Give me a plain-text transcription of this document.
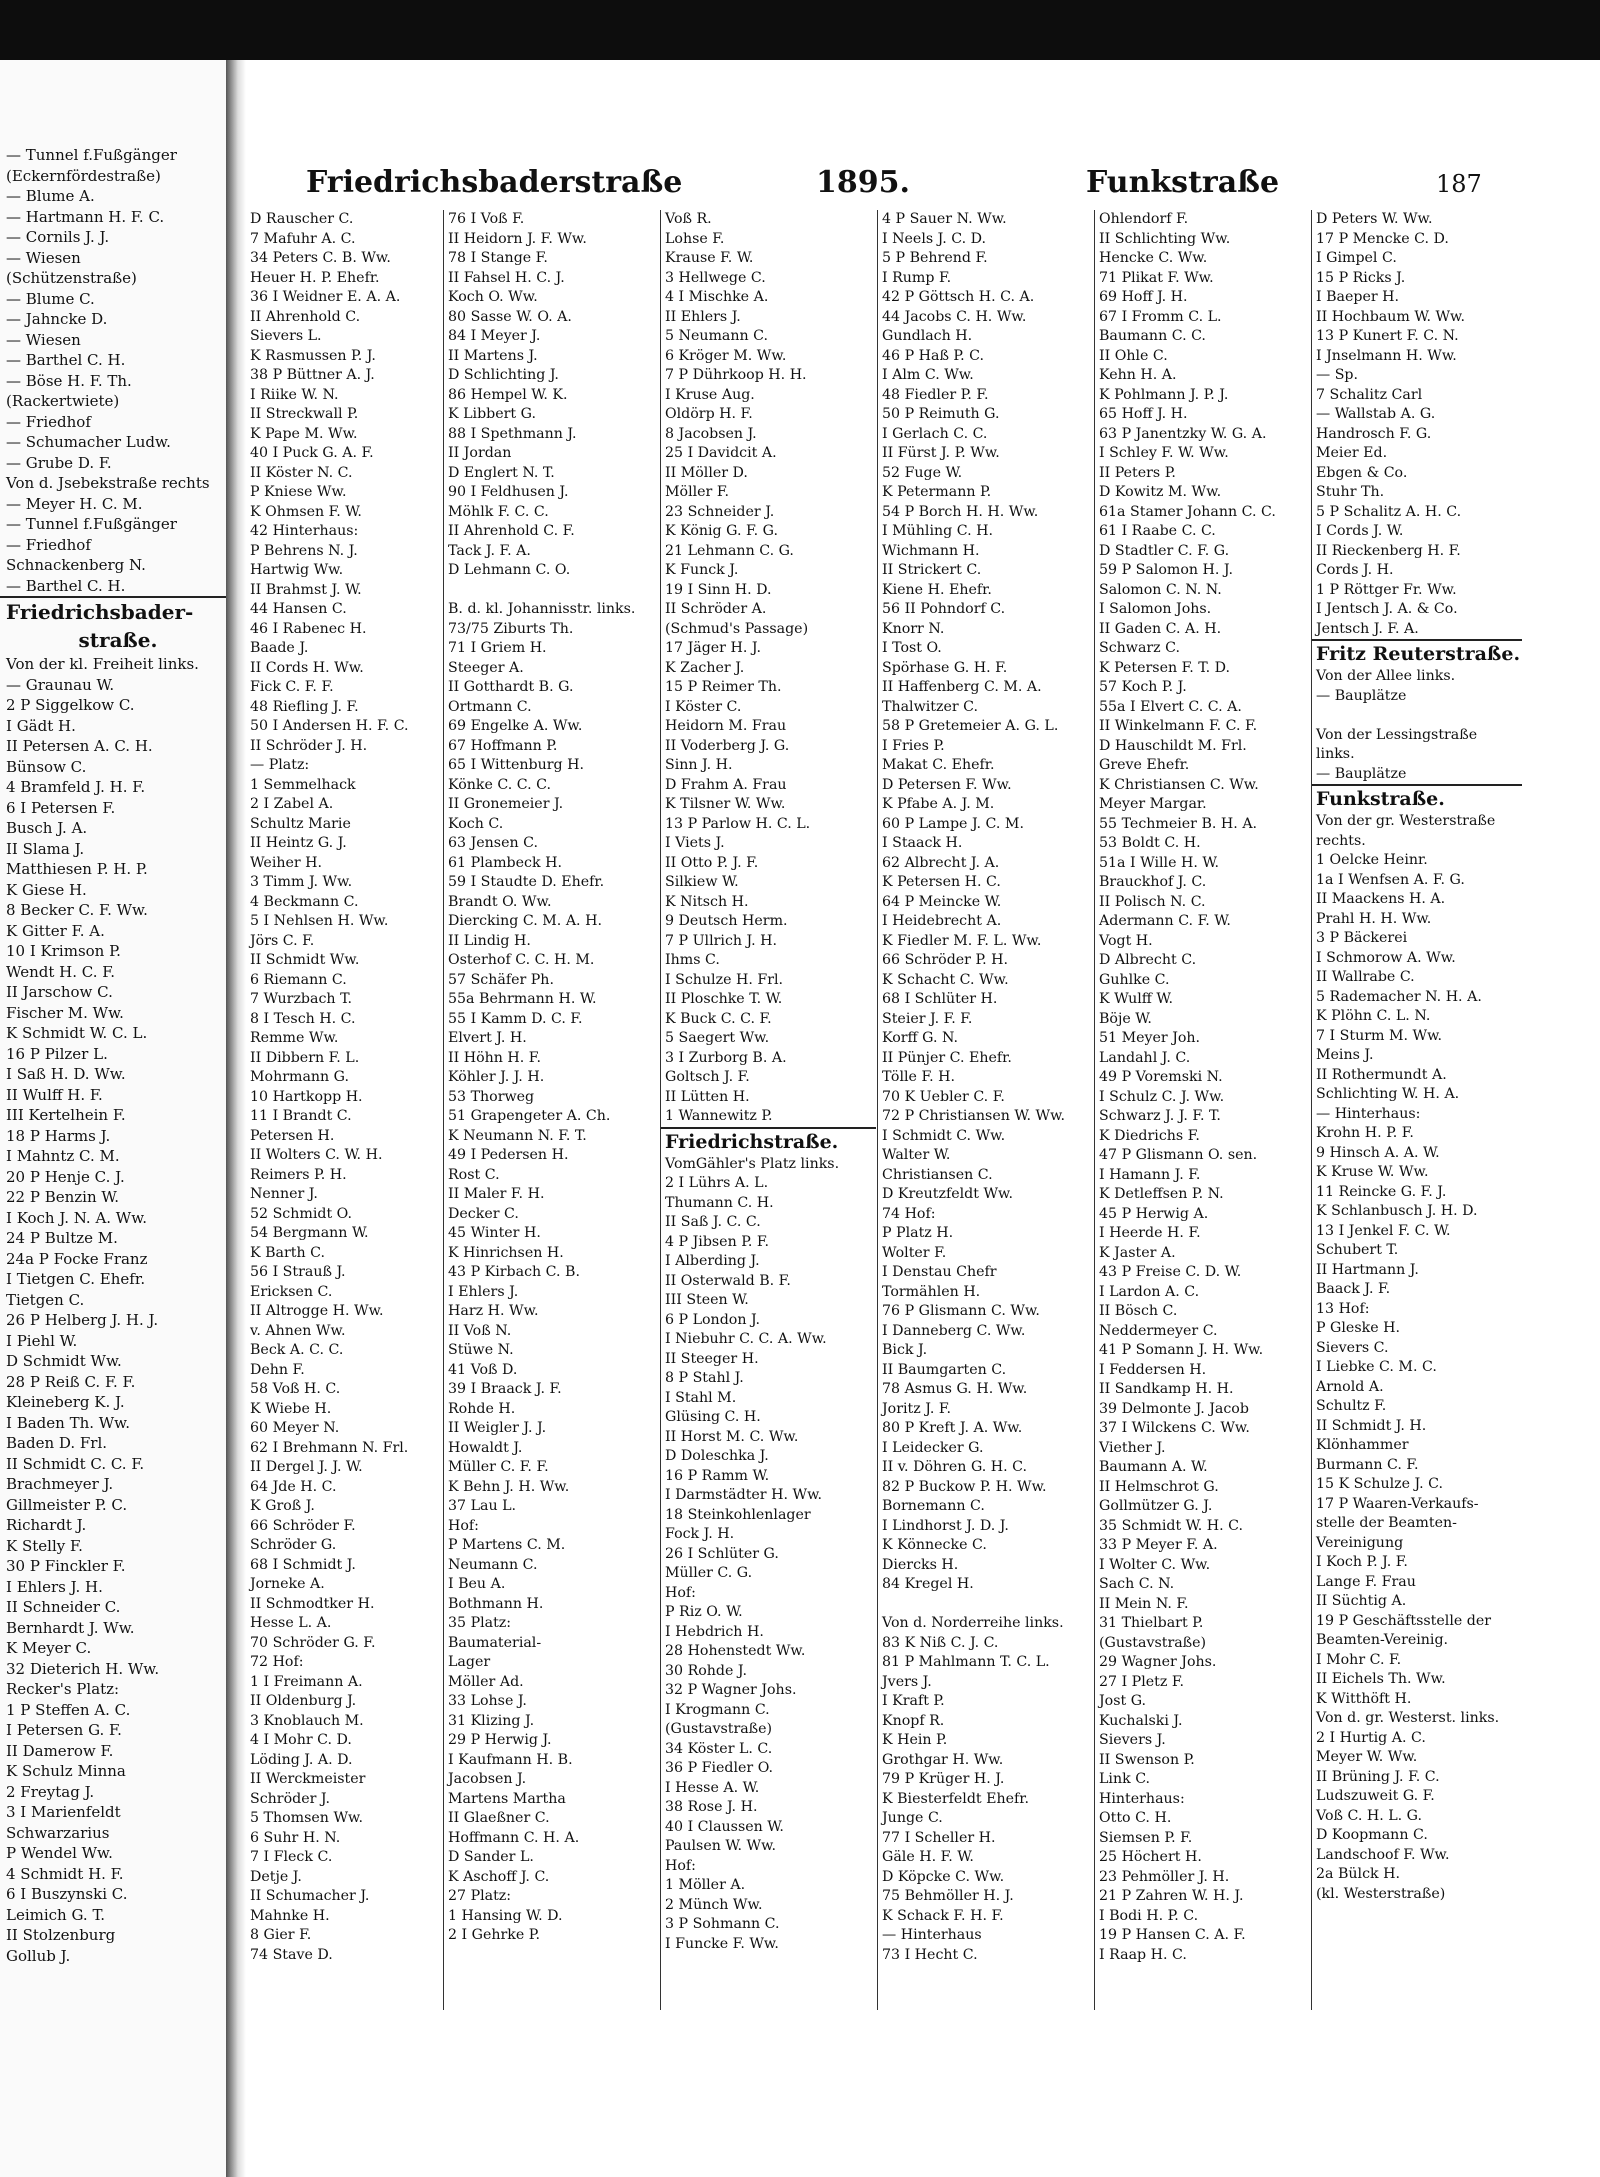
— Tunnel f.Fußgänger
(Eckernfördestraße)
— Blume A.
— Hartmann H. F. C.
— Cornils J. J.
— Wiesen
(Schützenstraße)
— Blume C.
— Jahncke D.
— Wiesen
— Barthel C. H.
— Böse H. F. Th.
(Rackertwiete)
— Friedhof
— Schumacher Ludw.
— Grube D. F.
Von d. Jsebekstraße rechts
— Meyer H. C. M.
— Tunnel f.Fußgänger
— Friedhof
Schnackenberg N.
— Barthel C. H.
Friedrichsbader-
straße.
Von der kl. Freiheit links.
— Graunau W.
2 P Siggelkow C.
I Gädt H.
II Petersen A. C. H.
Bünsow C.
4 Bramfeld J. H. F.
6 I Petersen F.
Busch J. A.
II Slama J.
Matthiesen P. H. P.
K Giese H.
8 Becker C. F. Ww.
K Gitter F. A.
10 I Krimson P.
Wendt H. C. F.
II Jarschow C.
Fischer M. Ww.
K Schmidt W. C. L.
16 P Pilzer L.
I Saß H. D. Ww.
II Wulff H. F.
III Kertelhein F.
18 P Harms J.
I Mahntz C. M.
20 P Henje C. J.
22 P Benzin W.
I Koch J. N. A. Ww.
24 P Bultze M.
24a P Focke Franz
I Tietgen C. Ehefr.
Tietgen C.
26 P Helberg J. H. J.
I Piehl W.
D Schmidt Ww.
28 P Reiß C. F. F.
Kleineberg K. J.
I Baden Th. Ww.
Baden D. Frl.
II Schmidt C. C. F.
Brachmeyer J.
Gillmeister P. C.
Richardt J.
K Stelly F.
30 P Finckler F.
I Ehlers J. H.
II Schneider C.
Bernhardt J. Ww.
K Meyer C.
32 Dieterich H. Ww.
Recker's Platz:
1 P Steffen A. C.
I Petersen G. F.
II Damerow F.
K Schulz Minna
2 Freytag J.
3 I Marienfeldt
Schwarzarius
P Wendel Ww.
4 Schmidt H. F.
6 I Buszynski C.
Leimich G. T.
II Stolzenburg
Gollub J.
Friedrichsbaderstraße	1895.	Funkstraße	187
D Rauscher C.
7 Mafuhr A. C.
34 Peters C. B. Ww.
Heuer H. P. Ehefr.
36 I Weidner E. A. A.
II Ahrenhold C.
Sievers L.
K Rasmussen P. J.
38 P Büttner A. J.
I Riike W. N.
II Streckwall P.
K Pape M. Ww.
40 I Puck G. A. F.
II Köster N. C.
P Kniese Ww.
K Ohmsen F. W.
42 Hinterhaus:
P Behrens N. J.
Hartwig Ww.
II Brahmst J. W.
44 Hansen C.
46 I Rabenec H.
Baade J.
II Cords H. Ww.
Fick C. F. F.
48 Riefling J. F.
50 I Andersen H. F. C.
II Schröder J. H.
— Platz:
1 Semmelhack
2 I Zabel A.
Schultz Marie
II Heintz G. J.
Weiher H.
3 Timm J. Ww.
4 Beckmann C.
5 I Nehlsen H. Ww.
Jörs C. F.
II Schmidt Ww.
6 Riemann C.
7 Wurzbach T.
8 I Tesch H. C.
Remme Ww.
II Dibbern F. L.
Mohrmann G.
10 Hartkopp H.
11 I Brandt C.
Petersen H.
II Wolters C. W. H.
Reimers P. H.
Nenner J.
52 Schmidt O.
54 Bergmann W.
K Barth C.
56 I Strauß J.
Ericksen C.
II Altrogge H. Ww.
v. Ahnen Ww.
Beck A. C. C.
Dehn F.
58 Voß H. C.
K Wiebe H.
60 Meyer N.
62 I Brehmann N. Frl.
II Dergel J. J. W.
64 Jde H. C.
K Groß J.
66 Schröder F.
Schröder G.
68 I Schmidt J.
Jorneke A.
II Schmodtker H.
Hesse L. A.
70 Schröder G. F.
72 Hof:
1 I Freimann A.
II Oldenburg J.
3 Knoblauch M.
4 I Mohr C. D.
Löding J. A. D.
II Werckmeister
Schröder J.
5 Thomsen Ww.
6 Suhr H. N.
7 I Fleck C.
Detje J.
II Schumacher J.
Mahnke H.
8 Gier F.
74 Stave D.
76 I Voß F.
II Heidorn J. F. Ww.
78 I Stange F.
II Fahsel H. C. J.
Koch O. Ww.
80 Sasse W. O. A.
84 I Meyer J.
II Martens J.
D Schlichting J.
86 Hempel W. K.
K Libbert G.
88 I Spethmann J.
II Jordan
D Englert N. T.
90 I Feldhusen J.
Möhlk F. C. C.
II Ahrenhold C. F.
Tack J. F. A.
D Lehmann C. O.

B. d. kl. Johannisstr. links.
73/75 Ziburts Th.
71 I Griem H.
Steeger A.
II Gotthardt B. G.
Ortmann C.
69 Engelke A. Ww.
67 Hoffmann P.
65 I Wittenburg H.
Könke C. C. C.
II Gronemeier J.
Koch C.
63 Jensen C.
61 Plambeck H.
59 I Staudte D. Ehefr.
Brandt O. Ww.
Diercking C. M. A. H.
II Lindig H.
Osterhof C. C. H. M.
57 Schäfer Ph.
55a Behrmann H. W.
55 I Kamm D. C. F.
Elvert J. H.
II Höhn H. F.
Köhler J. J. H.
53 Thorweg
51 Grapengeter A. Ch.
K Neumann N. F. T.
49 I Pedersen H.
Rost C.
II Maler F. H.
Decker C.
45 Winter H.
K Hinrichsen H.
43 P Kirbach C. B.
I Ehlers J.
Harz H. Ww.
II Voß N.
Stüwe N.
41 Voß D.
39 I Braack J. F.
Rohde H.
II Weigler J. J.
Howaldt J.
Müller C. F. F.
K Behn J. H. Ww.
37 Lau L.
Hof:
P Martens C. M.
Neumann C.
I Beu A.
Bothmann H.
35 Platz:
Baumaterial-
Lager
Möller Ad.
33 Lohse J.
31 Klizing J.
29 P Herwig J.
I Kaufmann H. B.
Jacobsen J.
Martens Martha
II Glaeßner C.
Hoffmann C. H. A.
D Sander L.
K Aschoff J. C.
27 Platz:
1 Hansing W. D.
2 I Gehrke P.
Voß R.
Lohse F.
Krause F. W.
3 Hellwege C.
4 I Mischke A.
II Ehlers J.
5 Neumann C.
6 Kröger M. Ww.
7 P Dührkoop H. H.
I Kruse Aug.
Oldörp H. F.
8 Jacobsen J.
25 I Davidcit A.
II Möller D.
Möller F.
23 Schneider J.
K König G. F. G.
21 Lehmann C. G.
K Funck J.
19 I Sinn H. D.
II Schröder A.
(Schmud's Passage)
17 Jäger H. J.
K Zacher J.
15 P Reimer Th.
I Köster C.
Heidorn M. Frau
II Voderberg J. G.
Sinn J. H.
D Frahm A. Frau
K Tilsner W. Ww.
13 P Parlow H. C. L.
I Viets J.
II Otto P. J. F.
Silkiew W.
K Nitsch H.
9 Deutsch Herm.
7 P Ullrich J. H.
Ihms C.
I Schulze H. Frl.
II Ploschke T. W.
K Buck C. C. F.
5 Saegert Ww.
3 I Zurborg B. A.
Goltsch J. F.
II Lütten H.
1 Wannewitz P.
Friedrichstraße.
VomGähler's Platz links.
2 I Lührs A. L.
Thumann C. H.
II Saß J. C. C.
4 P Jibsen P. F.
I Alberding J.
II Osterwald B. F.
III Steen W.
6 P London J.
I Niebuhr C. C. A. Ww.
II Steeger H.
8 P Stahl J.
I Stahl M.
Glüsing C. H.
II Horst M. C. Ww.
D Doleschka J.
16 P Ramm W.
I Darmstädter H. Ww.
18 Steinkohlenlager
Fock J. H.
26 I Schlüter G.
Müller C. G.
Hof:
P Riz O. W.
I Hebdrich H.
28 Hohenstedt Ww.
30 Rohde J.
32 P Wagner Johs.
I Krogmann C.
(Gustavstraße)
34 Köster L. C.
36 P Fiedler O.
I Hesse A. W.
38 Rose J. H.
40 I Claussen W.
Paulsen W. Ww.
Hof:
1 Möller A.
2 Münch Ww.
3 P Sohmann C.
I Funcke F. Ww.
4 P Sauer N. Ww.
I Neels J. C. D.
5 P Behrend F.
I Rump F.
42 P Göttsch H. C. A.
44 Jacobs C. H. Ww.
Gundlach H.
46 P Haß P. C.
I Alm C. Ww.
48 Fiedler P. F.
50 P Reimuth G.
I Gerlach C. C.
II Fürst J. P. Ww.
52 Fuge W.
K Petermann P.
54 P Borch H. H. Ww.
I Mühling C. H.
Wichmann H.
II Strickert C.
Kiene H. Ehefr.
56 II Pohndorf C.
Knorr N.
I Tost O.
Spörhase G. H. F.
II Haffenberg C. M. A.
Thalwitzer C.
58 P Gretemeier A. G. L.
I Fries P.
Makat C. Ehefr.
D Petersen F. Ww.
K Pfabe A. J. M.
60 P Lampe J. C. M.
I Staack H.
62 Albrecht J. A.
K Petersen H. C.
64 P Meincke W.
I Heidebrecht A.
K Fiedler M. F. L. Ww.
66 Schröder P. H.
K Schacht C. Ww.
68 I Schlüter H.
Steier J. F. F.
Korff G. N.
II Pünjer C. Ehefr.
Tölle F. H.
70 K Uebler C. F.
72 P Christiansen W. Ww.
I Schmidt C. Ww.
Walter W.
Christiansen C.
D Kreutzfeldt Ww.
74 Hof:
P Platz H.
Wolter F.
I Denstau Chefr
Tormählen H.
76 P Glismann C. Ww.
I Danneberg C. Ww.
Bick J.
II Baumgarten C.
78 Asmus G. H. Ww.
Joritz J. F.
80 P Kreft J. A. Ww.
I Leidecker G.
II v. Döhren G. H. C.
82 P Buckow P. H. Ww.
Bornemann C.
I Lindhorst J. D. J.
K Könnecke C.
Diercks H.
84 Kregel H.

Von d. Norderreihe links.
83 K Niß C. J. C.
81 P Mahlmann T. C. L.
Jvers J.
I Kraft P.
Knopf R.
K Hein P.
Grothgar H. Ww.
79 P Krüger H. J.
K Biesterfeldt Ehefr.
Junge C.
77 I Scheller H.
Gäle H. F. W.
D Köpcke C. Ww.
75 Behmöller H. J.
K Schack F. H. F.
— Hinterhaus
73 I Hecht C.
Ohlendorf F.
II Schlichting Ww.
Hencke C. Ww.
71 Plikat F. Ww.
69 Hoff J. H.
67 I Fromm C. L.
Baumann C. C.
II Ohle C.
Kehn H. A.
K Pohlmann J. P. J.
65 Hoff J. H.
63 P Janentzky W. G. A.
I Schley F. W. Ww.
II Peters P.
D Kowitz M. Ww.
61a Stamer Johann C. C.
61 I Raabe C. C.
D Stadtler C. F. G.
59 P Salomon H. J.
Salomon C. N. N.
I Salomon Johs.
II Gaden C. A. H.
Schwarz C.
K Petersen F. T. D.
57 Koch P. J.
55a I Elvert C. C. A.
II Winkelmann F. C. F.
D Hauschildt M. Frl.
Greve Ehefr.
K Christiansen C. Ww.
Meyer Margar.
55 Techmeier B. H. A.
53 Boldt C. H.
51a I Wille H. W.
Brauckhof J. C.
II Polisch N. C.
Adermann C. F. W.
Vogt H.
D Albrecht C.
Guhlke C.
K Wulff W.
Böje W.
51 Meyer Joh.
Landahl J. C.
49 P Voremski N.
I Schulz C. J. Ww.
Schwarz J. J. F. T.
K Diedrichs F.
47 P Glismann O. sen.
I Hamann J. F.
K Detleffsen P. N.
45 P Herwig A.
I Heerde H. F.
K Jaster A.
43 P Freise C. D. W.
I Lardon A. C.
II Bösch C.
Neddermeyer C.
41 P Somann J. H. Ww.
I Feddersen H.
II Sandkamp H. H.
39 Delmonte J. Jacob
37 I Wilckens C. Ww.
Viether J.
Baumann A. W.
II Helmschrot G.
Gollmützer G. J.
35 Schmidt W. H. C.
33 P Meyer F. A.
I Wolter C. Ww.
Sach C. N.
II Mein N. F.
31 Thielbart P.
(Gustavstraße)
29 Wagner Johs.
27 I Pletz F.
Jost G.
Kuchalski J.
Sievers J.
II Swenson P.
Link C.
Hinterhaus:
Otto C. H.
Siemsen P. F.
25 Höchert H.
23 Pehmöller J. H.
21 P Zahren W. H. J.
I Bodi H. P. C.
19 P Hansen C. A. F.
I Raap H. C.
D Peters W. Ww.
17 P Mencke C. D.
I Gimpel C.
15 P Ricks J.
I Baeper H.
II Hochbaum W. Ww.
13 P Kunert F. C. N.
I Jnselmann H. Ww.
— Sp.
7 Schalitz Carl
— Wallstab A. G.
Handrosch F. G.
Meier Ed.
Ebgen & Co.
Stuhr Th.
5 P Schalitz A. H. C.
I Cords J. W.
II Rieckenberg H. F.
Cords J. H.
1 P Röttger Fr. Ww.
I Jentsch J. A. & Co.
Jentsch J. F. A.
Fritz Reuterstraße.
Von der Allee links.
— Bauplätze

Von der Lessingstraße
links.
— Bauplätze
Funkstraße.
Von der gr. Westerstraße
rechts.
1 Oelcke Heinr.
1a I Wenfsen A. F. G.
II Maackens H. A.
Prahl H. H. Ww.
3 P Bäckerei
I Schmorow A. Ww.
II Wallrabe C.
5 Rademacher N. H. A.
K Plöhn C. L. N.
7 I Sturm M. Ww.
Meins J.
II Rothermundt A.
Schlichting W. H. A.
— Hinterhaus:
Krohn H. P. F.
9 Hinsch A. A. W.
K Kruse W. Ww.
11 Reincke G. F. J.
K Schlanbusch J. H. D.
13 I Jenkel F. C. W.
Schubert T.
II Hartmann J.
Baack J. F.
13 Hof:
P Gleske H.
Sievers C.
I Liebke C. M. C.
Arnold A.
Schultz F.
II Schmidt J. H.
Klönhammer
Burmann C. F.
15 K Schulze J. C.
17 P Waaren-Verkaufs-
stelle der Beamten-
Vereinigung
I Koch P. J. F.
Lange F. Frau
II Süchtig A.
19 P Geschäftsstelle der
Beamten-Vereinig.
I Mohr C. F.
II Eichels Th. Ww.
K Witthöft H.
Von d. gr. Westerst. links.
2 I Hurtig A. C.
Meyer W. Ww.
II Brüning J. F. C.
Ludszuweit G. F.
Voß C. H. L. G.
D Koopmann C.
Landschoof F. Ww.
2a Bülck H.
(kl. Westerstraße)
